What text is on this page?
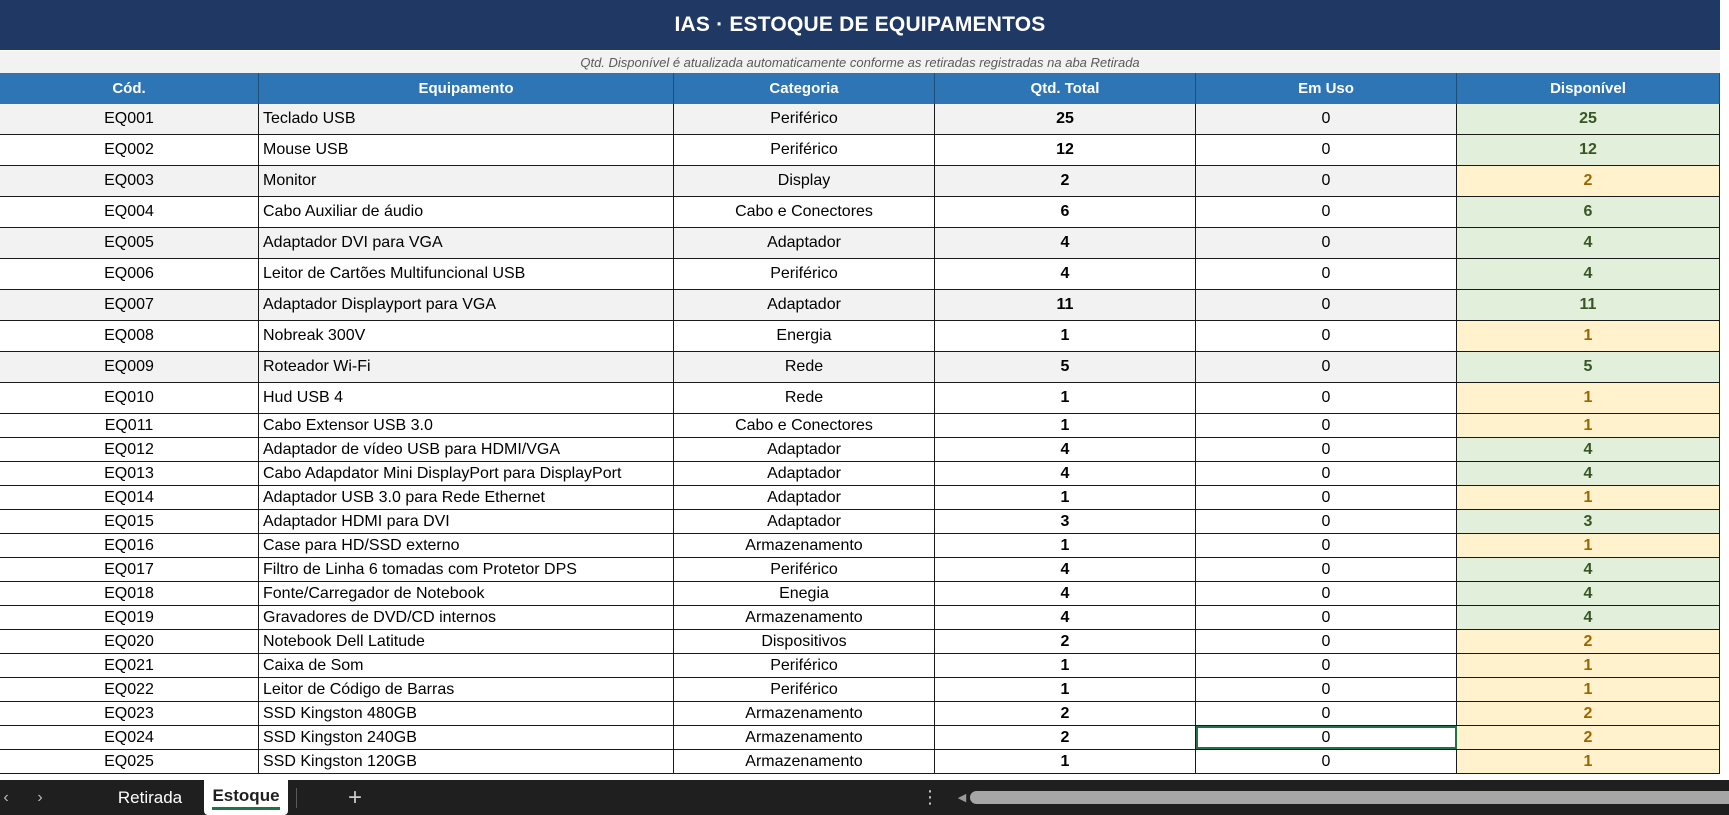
IAS · ESTOQUE DE EQUIPAMENTOS
Qtd. Disponível é atualizada automaticamente conforme as retiradas registradas na aba Retirada
Cód.	Equipamento	Categoria	Qtd. Total	Em Uso	Disponível
EQ001	Teclado USB	Periférico	25	0	25
EQ002	Mouse USB	Periférico	12	0	12
EQ003	Monitor	Display	2	0	2
EQ004	Cabo Auxiliar de áudio	Cabo e Conectores	6	0	6
EQ005	Adaptador DVI para VGA	Adaptador	4	0	4
EQ006	Leitor de Cartões Multifuncional USB	Periférico	4	0	4
EQ007	Adaptador Displayport para VGA	Adaptador	11	0	11
EQ008	Nobreak 300V	Energia	1	0	1
EQ009	Roteador Wi-Fi	Rede	5	0	5
EQ010	Hud USB 4	Rede	1	0	1
EQ011	Cabo Extensor USB 3.0	Cabo e Conectores	1	0	1
EQ012	Adaptador de vídeo USB para HDMI/VGA	Adaptador	4	0	4
EQ013	Cabo Adapdator Mini DisplayPort para DisplayPort	Adaptador	4	0	4
EQ014	Adaptador USB 3.0 para Rede Ethernet	Adaptador	1	0	1
EQ015	Adaptador HDMI para DVI	Adaptador	3	0	3
EQ016	Case para HD/SSD externo	Armazenamento	1	0	1
EQ017	Filtro de Linha 6 tomadas com Protetor DPS	Periférico	4	0	4
EQ018	Fonte/Carregador de Notebook	Enegia	4	0	4
EQ019	Gravadores de DVD/CD internos	Armazenamento	4	0	4
EQ020	Notebook Dell Latitude	Dispositivos	2	0	2
EQ021	Caixa de Som	Periférico	1	0	1
EQ022	Leitor de Código de Barras	Periférico	1	0	1
EQ023	SSD Kingston 480GB	Armazenamento	2	0	2
EQ024	SSD Kingston 240GB	Armazenamento	2	0	2
EQ025	SSD Kingston 120GB	Armazenamento	1	0	1
‹	›	Retirada Estoque	+	⋮ ◀
